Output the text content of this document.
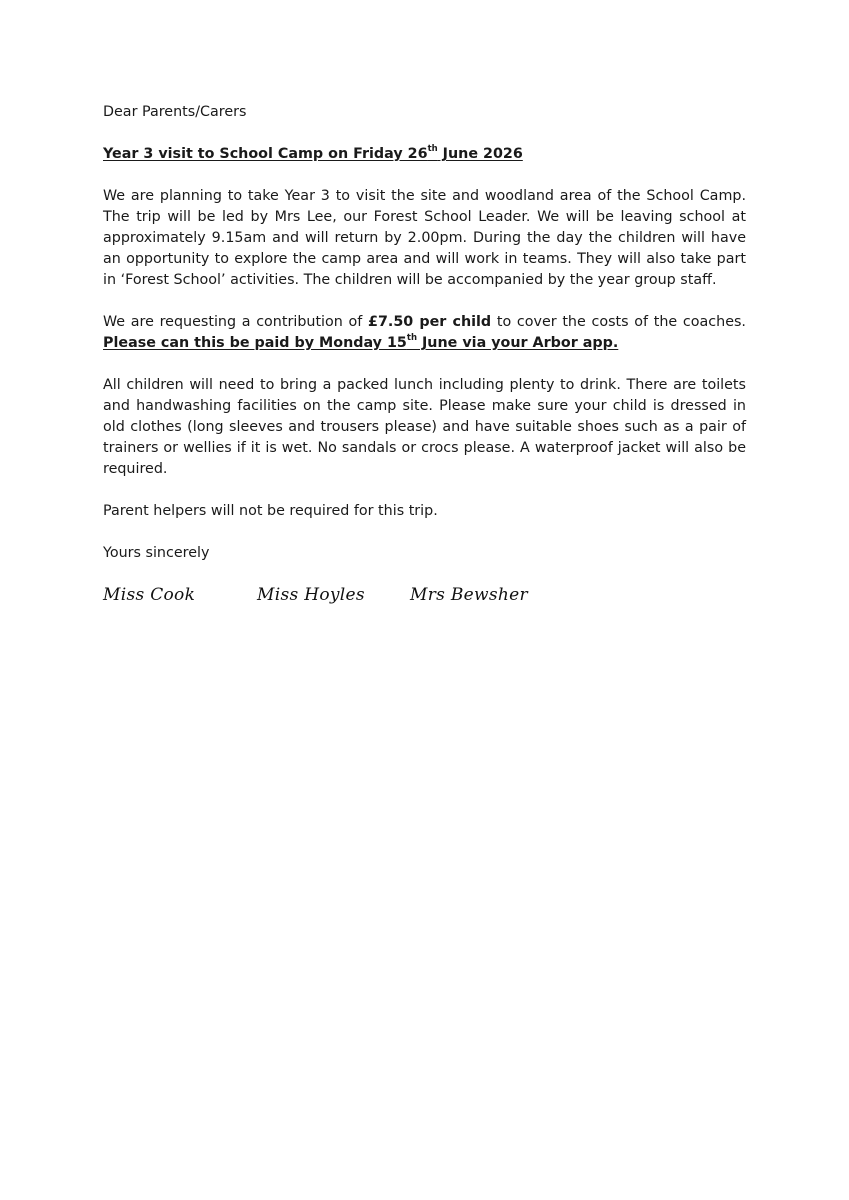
Dear Parents/Carers

Year 3 visit to School Camp on Friday 26th June 2026

We are planning to take Year 3 to visit the site and woodland area of the School Camp. The trip will be led by Mrs Lee, our Forest School Leader. We will be leaving school at approximately 9.15am and will return by 2.00pm. During the day the children will have an opportunity to explore the camp area and will work in teams. They will also take part in ‘Forest School’ activities. The children will be accompanied by the year group staff.

We are requesting a contribution of £7.50 per child to cover the costs of the coaches. Please can this be paid by Monday 15th June via your Arbor app.

All children will need to bring a packed lunch including plenty to drink. There are toilets and handwashing facilities on the camp site. Please make sure your child is dressed in old clothes (long sleeves and trousers please) and have suitable shoes such as a pair of trainers or wellies if it is wet. No sandals or crocs please. A waterproof jacket will also be required.

Parent helpers will not be required for this trip.

Yours sincerely

Miss Cook	Miss Hoyles	Mrs Bewsher
